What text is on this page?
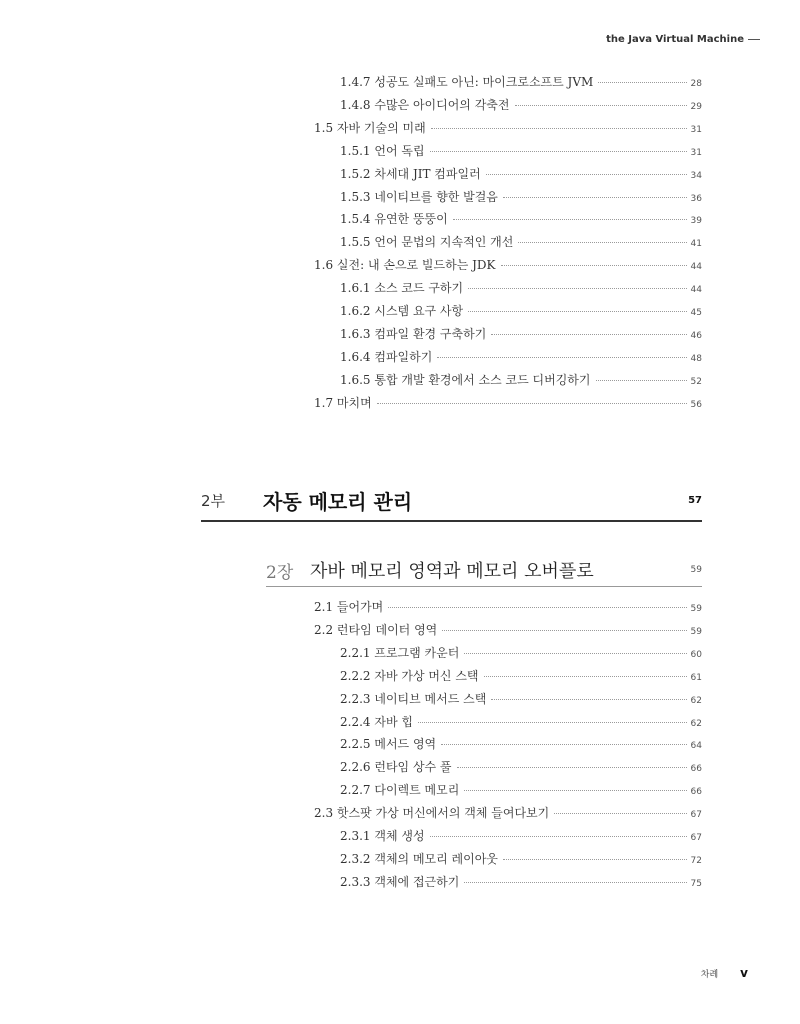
the Java Virtual Machine
1.4.7 성공도 실패도 아닌: 마이크로소프트 JVM	28
1.4.8 수많은 아이디어의 각축전	29
1.5 자바 기술의 미래	31
1.5.1 언어 독립	31
1.5.2 차세대 JIT 컴파일러	34
1.5.3 네이티브를 향한 발걸음	36
1.5.4 유연한 뚱뚱이	39
1.5.5 언어 문법의 지속적인 개선	41
1.6 실전: 내 손으로 빌드하는 JDK	44
1.6.1 소스 코드 구하기	44
1.6.2 시스템 요구 사항	45
1.6.3 컴파일 환경 구축하기	46
1.6.4 컴파일하기	48
1.6.5 통합 개발 환경에서 소스 코드 디버깅하기	52
1.7 마치며	56
2부	자동 메모리 관리	57
2장 자바 메모리 영역과 메모리 오버플로	59
2.1 들어가며	59
2.2 런타임 데이터 영역	59
2.2.1 프로그램 카운터	60
2.2.2 자바 가상 머신 스택	61
2.2.3 네이티브 메서드 스택	62
2.2.4 자바 힙	62
2.2.5 메서드 영역	64
2.2.6 런타임 상수 풀	66
2.2.7 다이렉트 메모리	66
2.3 핫스팟 가상 머신에서의 객체 들여다보기	67
2.3.1 객체 생성	67
2.3.2 객체의 메모리 레이아웃	72
2.3.3 객체에 접근하기	75
차례 v
